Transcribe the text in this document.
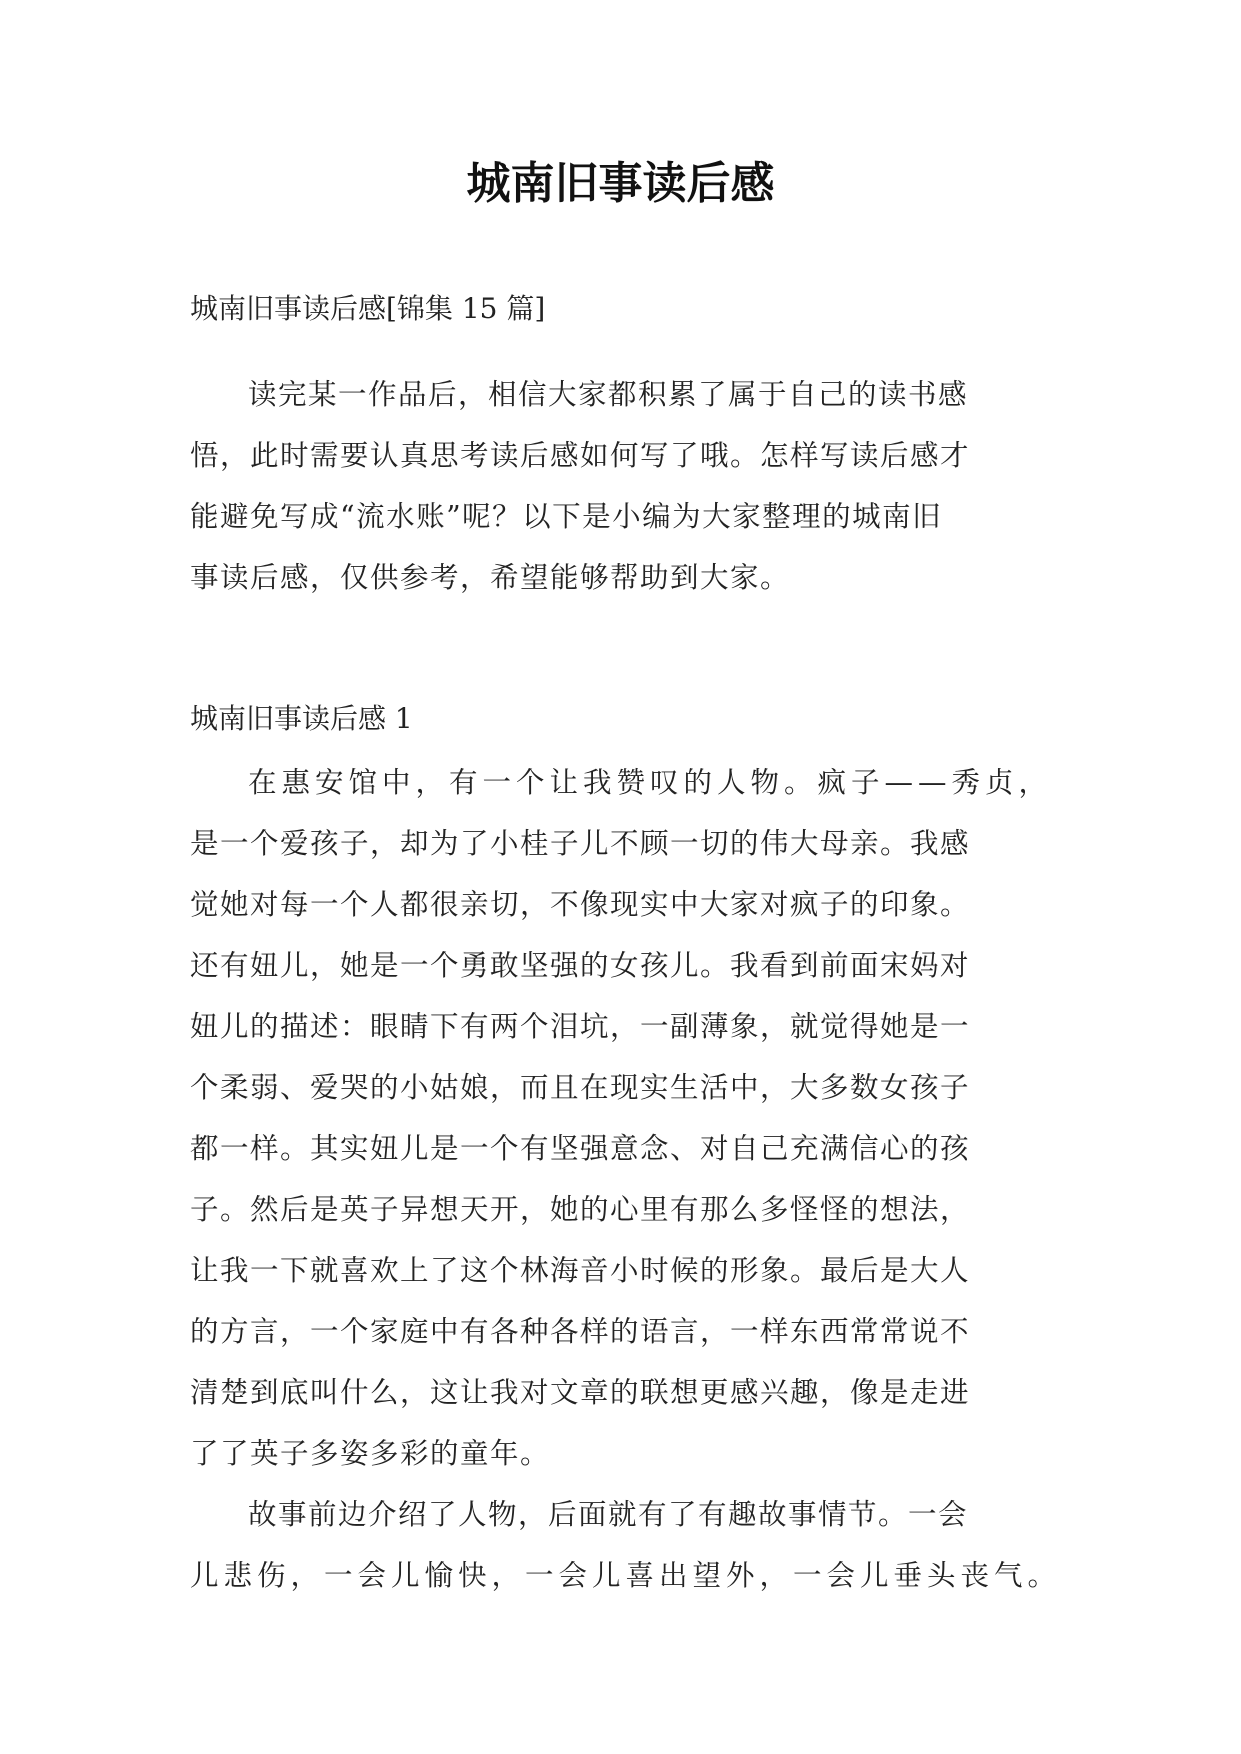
城南旧事读后感

城南旧事读后感[锦集 15 篇]

读完某一作品后，相信大家都积累了属于自己的读书感
悟，此时需要认真思考读后感如何写了哦。怎样写读后感才
能避免写成“流水账”呢？以下是小编为大家整理的城南旧
事读后感，仅供参考，希望能够帮助到大家。

城南旧事读后感 1

在惠安馆中，有一个让我赞叹的人物。疯子——秀贞，
是一个爱孩子，却为了小桂子儿不顾一切的伟大母亲。我感
觉她对每一个人都很亲切，不像现实中大家对疯子的印象。
还有妞儿，她是一个勇敢坚强的女孩儿。我看到前面宋妈对
妞儿的描述：眼睛下有两个泪坑，一副薄象，就觉得她是一
个柔弱、爱哭的小姑娘，而且在现实生活中，大多数女孩子
都一样。其实妞儿是一个有坚强意念、对自己充满信心的孩
子。然后是英子异想天开，她的心里有那么多怪怪的想法，
让我一下就喜欢上了这个林海音小时候的形象。最后是大人
的方言，一个家庭中有各种各样的语言，一样东西常常说不
清楚到底叫什么，这让我对文章的联想更感兴趣，像是走进
了了英子多姿多彩的童年。
故事前边介绍了人物，后面就有了有趣故事情节。一会
儿悲伤，一会儿愉快，一会儿喜出望外，一会儿垂头丧气。
